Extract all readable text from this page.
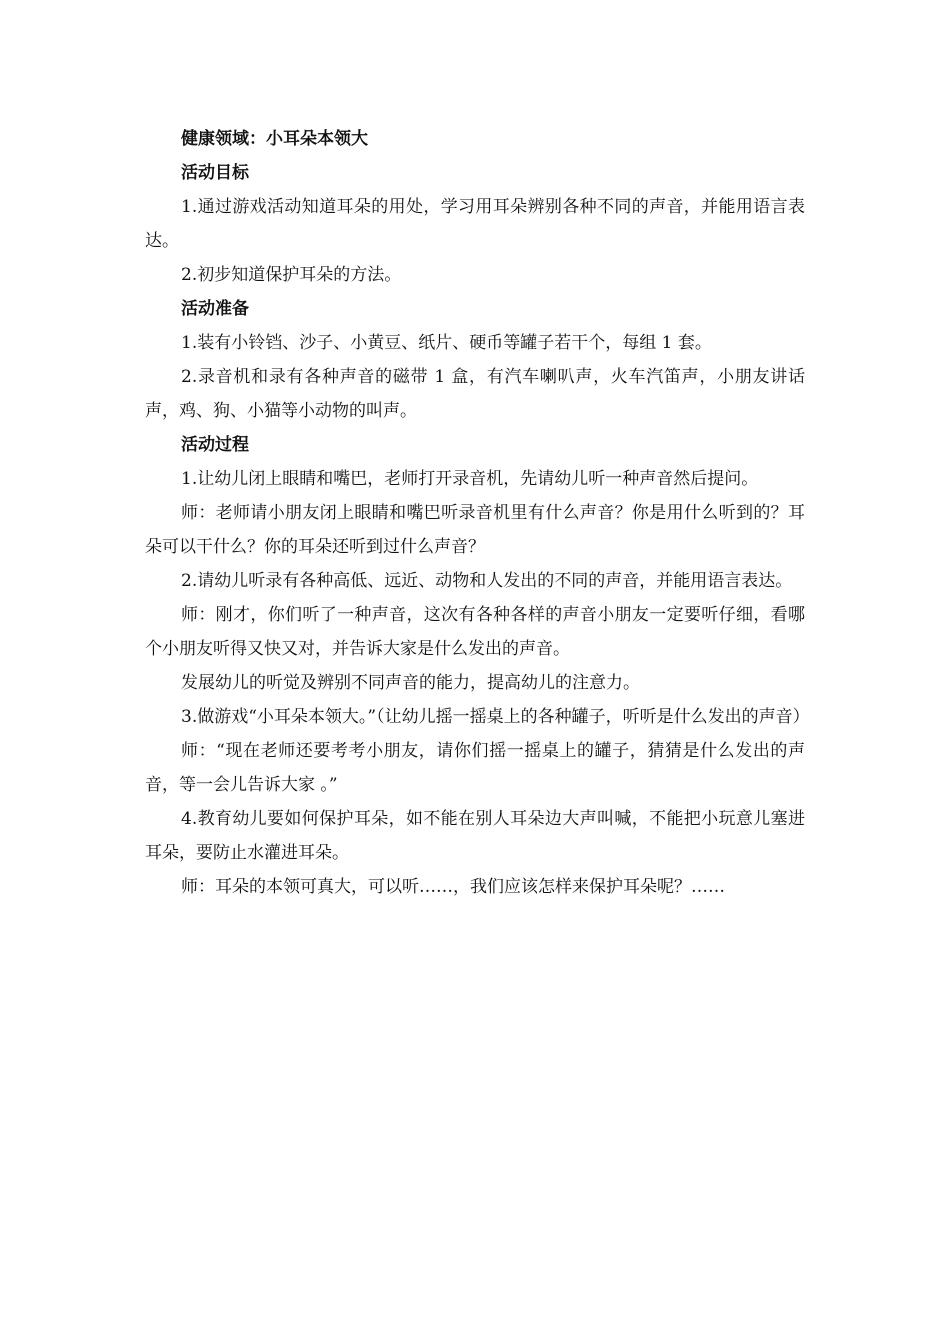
健康领域：小耳朵本领大

活动目标

1.通过游戏活动知道耳朵的用处，学习用耳朵辨别各种不同的声音，并能用语言表达。

2.初步知道保护耳朵的方法。

活动准备

1.装有小铃铛、沙子、小黄豆、纸片、硬币等罐子若干个，每组 1 套。

2.录音机和录有各种声音的磁带 1 盒，有汽车喇叭声，火车汽笛声，小朋友讲话声，鸡、狗、小猫等小动物的叫声。

活动过程

1.让幼儿闭上眼睛和嘴巴，老师打开录音机，先请幼儿听一种声音然后提问。

师：老师请小朋友闭上眼睛和嘴巴听录音机里有什么声音？你是用什么听到的？耳朵可以干什么？你的耳朵还听到过什么声音？

2.请幼儿听录有各种高低、远近、动物和人发出的不同的声音，并能用语言表达。

师：刚才，你们听了一种声音，这次有各种各样的声音小朋友一定要听仔细，看哪个小朋友听得又快又对，并告诉大家是什么发出的声音。

发展幼儿的听觉及辨别不同声音的能力，提高幼儿的注意力。

3.做游戏“小耳朵本领大。”（让幼儿摇一摇桌上的各种罐子，听听是什么发出的声音）

师：“现在老师还要考考小朋友，请你们摇一摇桌上的罐子，猜猜是什么发出的声音，等一会儿告诉大家 。”

4.教育幼儿要如何保护耳朵，如不能在别人耳朵边大声叫喊，不能把小玩意儿塞进耳朵，要防止水灌进耳朵。

师：耳朵的本领可真大，可以听……，我们应该怎样来保护耳朵呢？……
